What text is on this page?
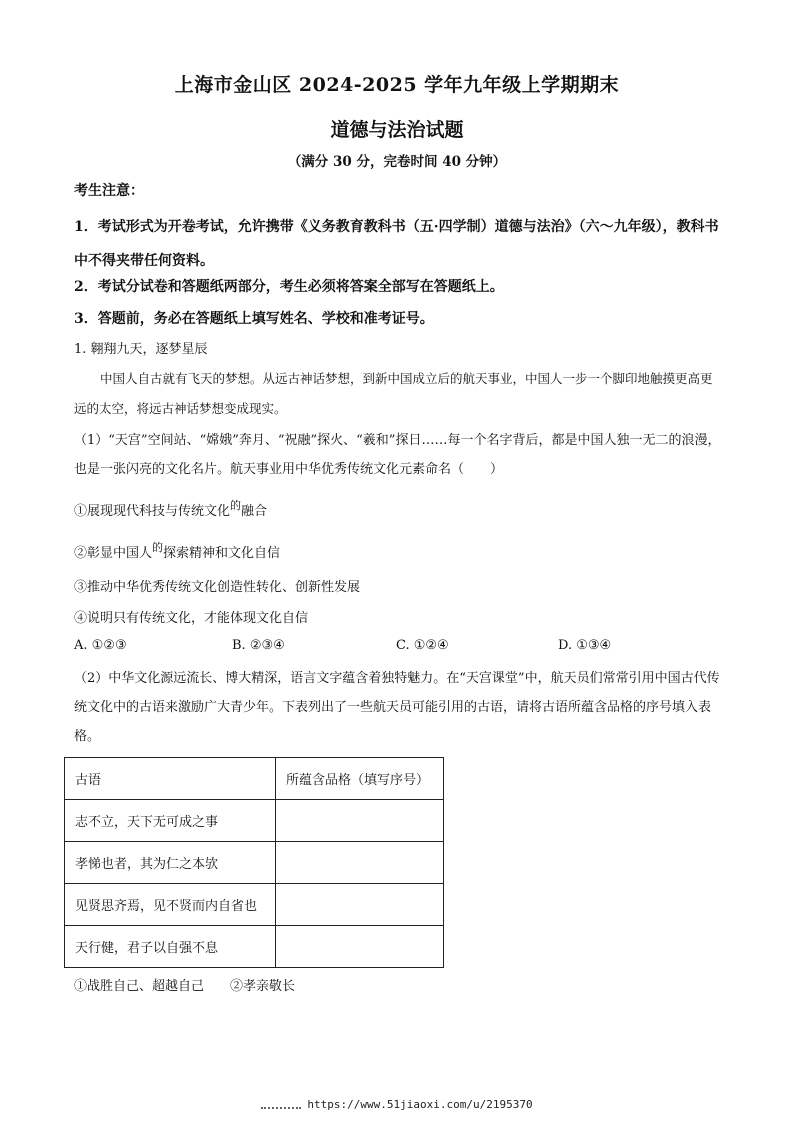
上海市金山区 2024-2025 学年九年级上学期期末
道德与法治试题
（满分 30 分，完卷时间 40 分钟）
考生注意：
1．考试形式为开卷考试，允许携带《义务教育教科书（五·四学制）道德与法治》（六～九年级），教科书中不得夹带任何资料。
2．考试分试卷和答题纸两部分，考生必须将答案全部写在答题纸上。
3．答题前，务必在答题纸上填写姓名、学校和准考证号。
1. 翱翔九天，逐梦星辰
中国人自古就有飞天的梦想。从远古神话梦想，到新中国成立后的航天事业，中国人一步一个脚印地触摸更高更远的太空，将远古神话梦想变成现实。
（1）“天宫”空间站、“嫦娥”奔月、“祝融”探火、“羲和”探日……每一个名字背后，都是中国人独一无二的浪漫，也是一张闪亮的文化名片。航天事业用中华优秀传统文化元素命名（　　）
①展现现代科技与传统文化$^的$融合
②彰显中国人$^的$探索精神和文化自信
③推动中华优秀传统文化创造性转化、创新性发展
④说明只有传统文化，才能体现文化自信
A. ①②③	B. ②③④	C. ①②④	D. ①③④
（2）中华文化源远流长、博大精深，语言文字蕴含着独特魅力。在“天宫课堂”中，航天员们常常引用中国古代传统文化中的古语来激励广大青少年。下表列出了一些航天员可能引用的古语，请将古语所蕴含品格的序号填入表格。
古语	所蕴含品格（填写序号）
志不立，天下无可成之事	
孝悌也者，其为仁之本欤	
见贤思齐焉，见不贤而内自省也	
天行健，君子以自强不息	
①战胜自己、超越自己　　②孝亲敬长
https://www.51jiaoxi.com/u/2195370
